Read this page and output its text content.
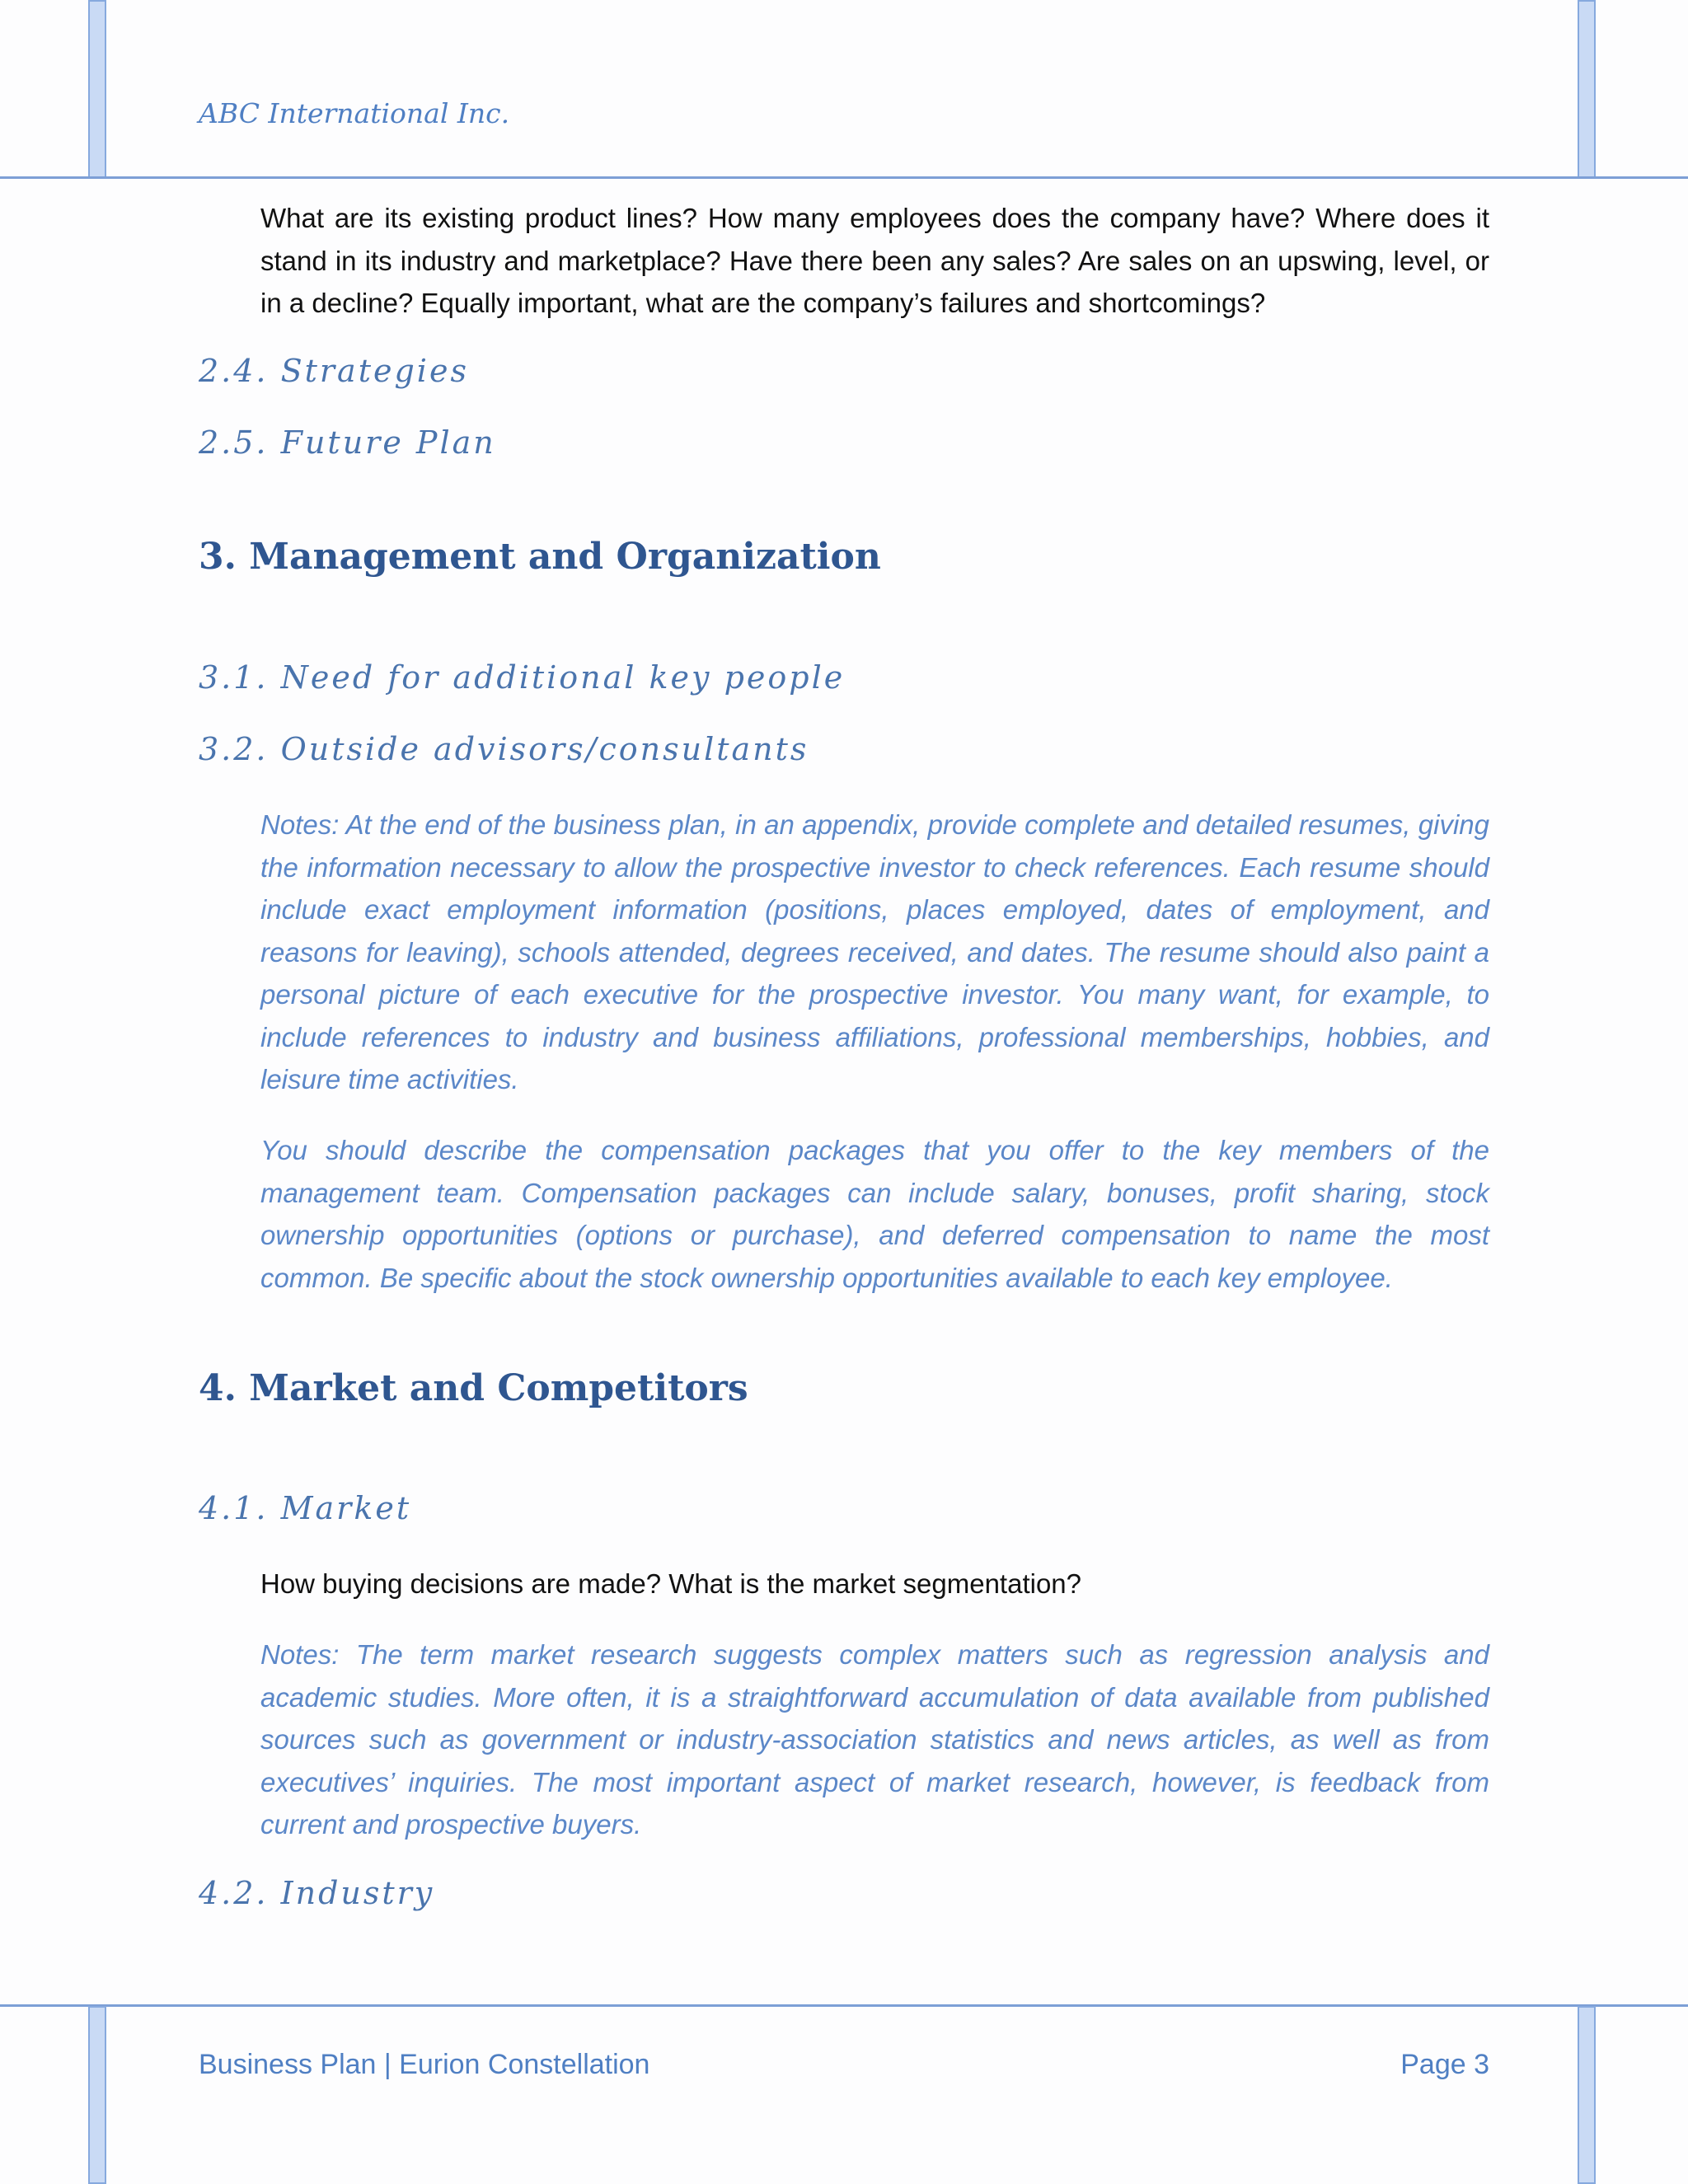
ABC International Inc.

What are its existing product lines? How many employees does the company have? Where does it stand in its industry and marketplace? Have there been any sales? Are sales on an upswing, level, or in a decline? Equally important, what are the company’s failures and shortcomings?

2.4. Strategies
2.5. Future Plan
3. Management and Organization
3.1. Need for additional key people
3.2. Outside advisors/consultants

Notes: At the end of the business plan, in an appendix, provide complete and detailed resumes, giving the information necessary to allow the prospective investor to check references. Each resume should include exact employment information (positions, places employed, dates of employment, and reasons for leaving), schools attended, degrees received, and dates. The resume should also paint a personal picture of each executive for the prospective investor. You many want, for example, to include references to industry and business affiliations, professional memberships, hobbies, and leisure time activities.

You should describe the compensation packages that you offer to the key members of the management team. Compensation packages can include salary, bonuses, profit sharing, stock ownership opportunities (options or purchase), and deferred compensation to name the most common. Be specific about the stock ownership opportunities available to each key employee.

4. Market and Competitors
4.1. Market

How buying decisions are made? What is the market segmentation?

Notes: The term market research suggests complex matters such as regression analysis and academic studies. More often, it is a straightforward accumulation of data available from published sources such as government or industry-association statistics and news articles, as well as from executives’ inquiries. The most important aspect of market research, however, is feedback from current and prospective buyers.

4.2. Industry
Business Plan | Eurion Constellation	Page 3
